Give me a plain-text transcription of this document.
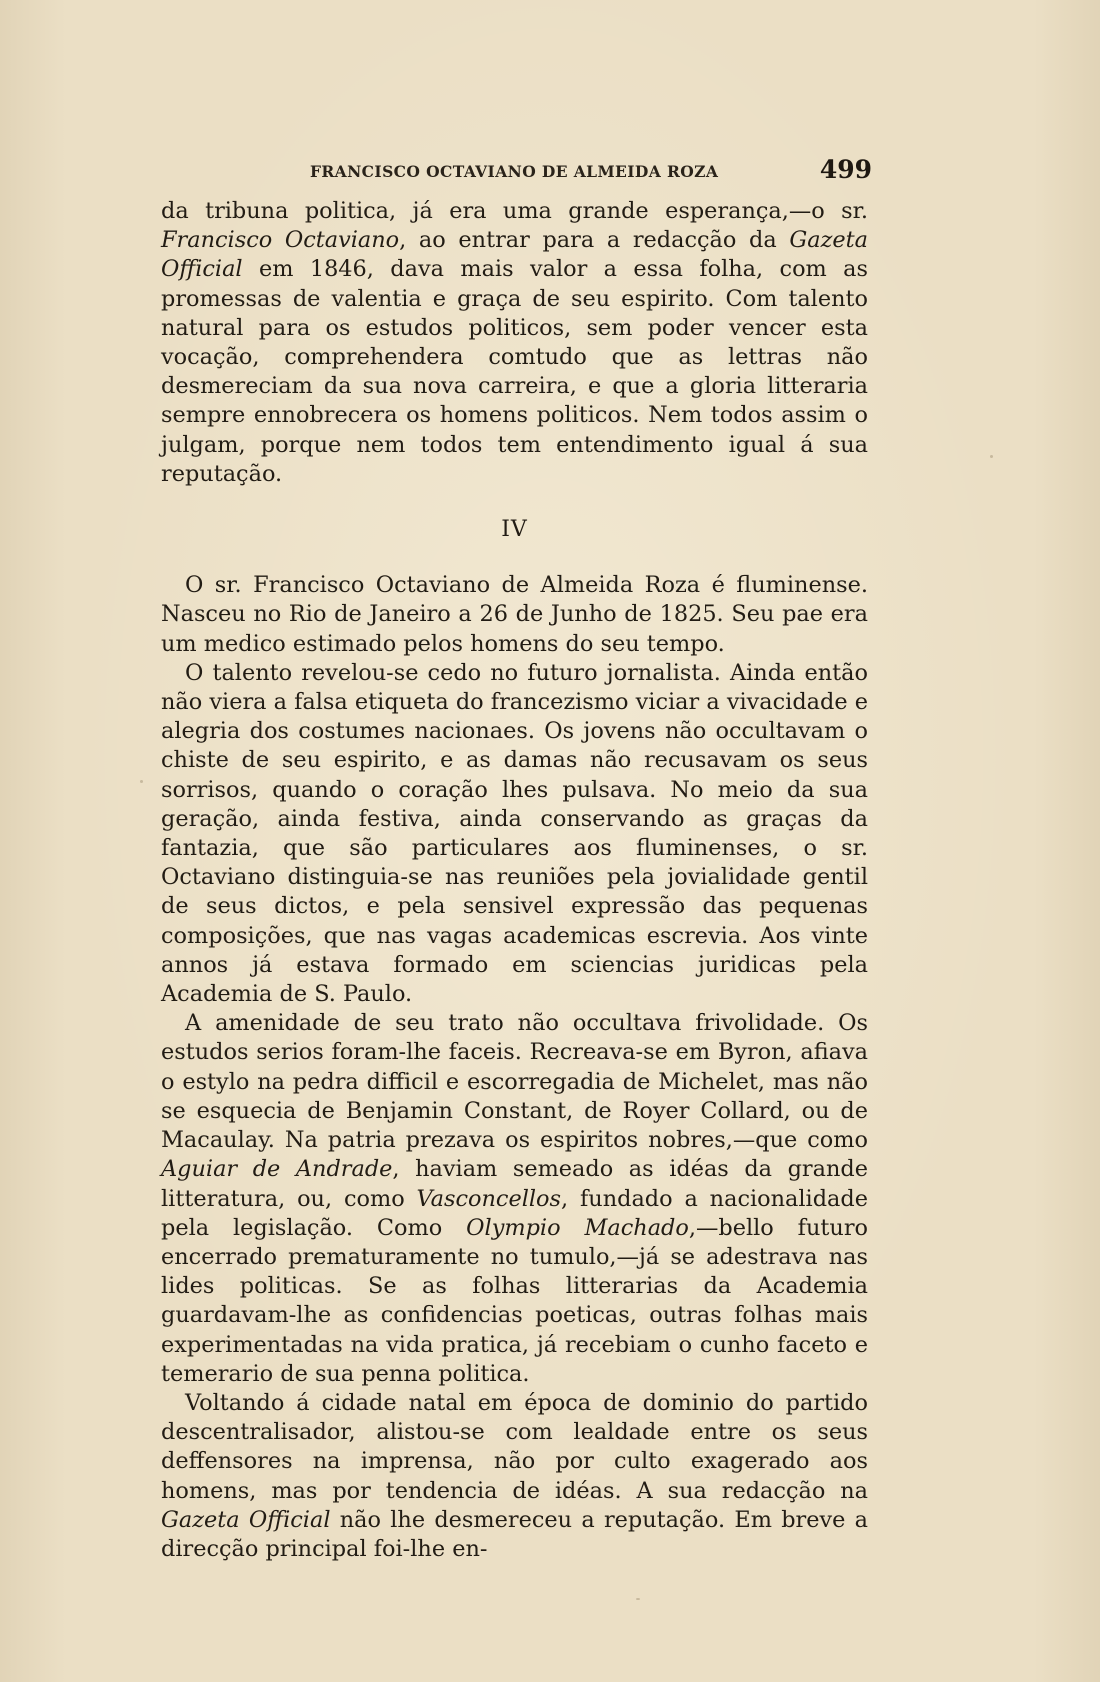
FRANCISCO OCTAVIANO DE ALMEIDA ROZA	499

da tribuna politica, já era uma grande esperança,—o sr. Francisco Octaviano, ao entrar para a redacção da Gazeta Official em 1846, dava mais valor a essa folha, com as promessas de valentia e graça de seu espirito. Com talento natural para os estudos politicos, sem poder vencer esta vocação, comprehendera comtudo que as lettras não desmereciam da sua nova carreira, e que a gloria litteraria sempre ennobrecera os homens politicos. Nem todos assim o julgam, porque nem todos tem entendimento igual á sua reputação.

IV

O sr. Francisco Octaviano de Almeida Roza é fluminense. Nasceu no Rio de Janeiro a 26 de Junho de 1825. Seu pae era um medico estimado pelos homens do seu tempo.

O talento revelou-se cedo no futuro jornalista. Ainda então não viera a falsa etiqueta do francezismo viciar a vivacidade e alegria dos costumes nacionaes. Os jovens não occultavam o chiste de seu espirito, e as damas não recusavam os seus sorrisos, quando o coração lhes pulsava. No meio da sua geração, ainda festiva, ainda conservando as graças da fantazia, que são particulares aos fluminenses, o sr. Octaviano distinguia-se nas reuniões pela jovialidade gentil de seus dictos, e pela sensivel expressão das pequenas composições, que nas vagas academicas escrevia. Aos vinte annos já estava formado em sciencias juridicas pela Academia de S. Paulo.

A amenidade de seu trato não occultava frivolidade. Os estudos serios foram-lhe faceis. Recreava-se em Byron, afiava o estylo na pedra difficil e escorregadia de Michelet, mas não se esquecia de Benjamin Constant, de Royer Collard, ou de Macaulay. Na patria prezava os espiritos nobres,—que como Aguiar de Andrade, haviam semeado as idéas da grande litteratura, ou, como Vasconcellos, fundado a nacionalidade pela legislação. Como Olympio Machado,—bello futuro encerrado prematuramente no tumulo,—já se adestrava nas lides politicas. Se as folhas litterarias da Academia guardavam-lhe as confidencias poeticas, outras folhas mais experimentadas na vida pratica, já recebiam o cunho faceto e temerario de sua penna politica.

Voltando á cidade natal em época de dominio do partido descentralisador, alistou-se com lealdade entre os seus deffensores na imprensa, não por culto exagerado aos homens, mas por tendencia de idéas. A sua redacção na Gazeta Official não lhe desmereceu a reputação. Em breve a direcção principal foi-lhe en-
